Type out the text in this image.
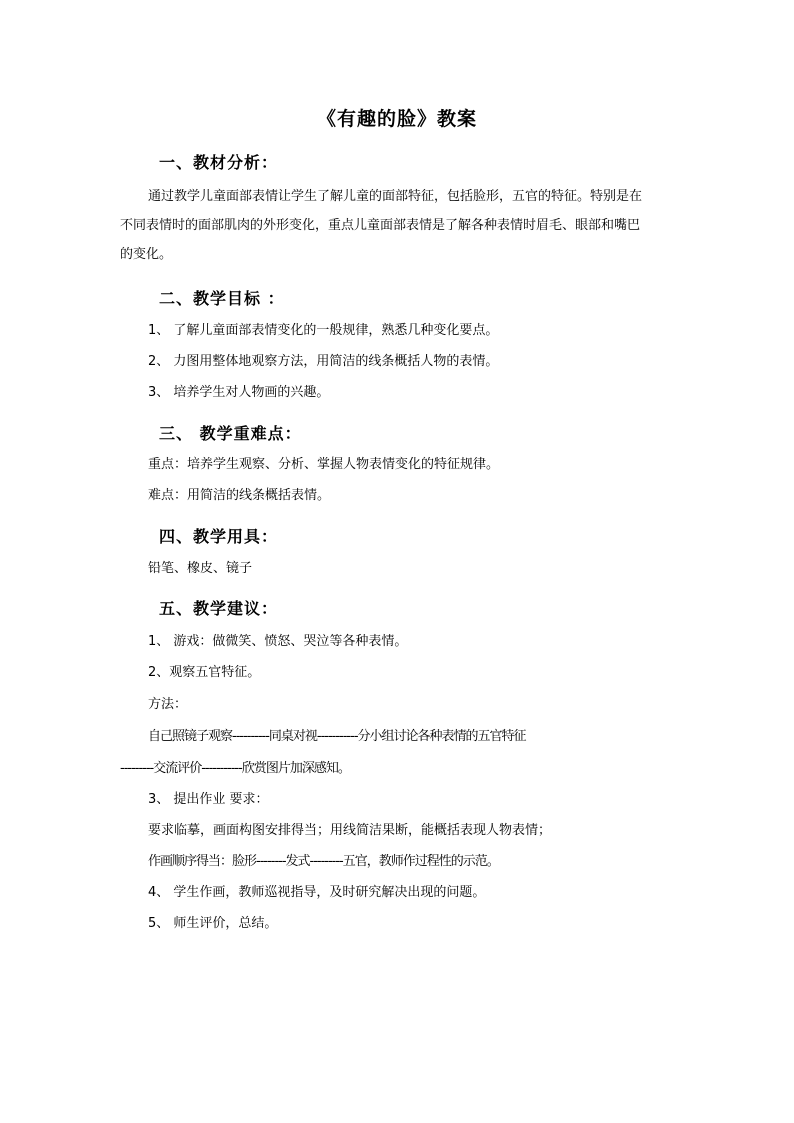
《有趣的脸》教案
一、教材分析：
通过教学儿童面部表情让学生了解儿童的面部特征，包括脸形，五官的特征。特别是在
不同表情时的面部肌肉的外形变化，重点儿童面部表情是了解各种表情时眉毛、眼部和嘴巴
的变化。
二、教学目标 ：
1、 了解儿童面部表情变化的一般规律，熟悉几种变化要点。
2、 力图用整体地观察方法，用简洁的线条概括人物的表情。
3、 培养学生对人物画的兴趣。
三、 教学重难点：
重点：培养学生观察、分析、掌握人物表情变化的特征规律。
难点：用简洁的线条概括表情。
四、教学用具：
铅笔、橡皮、镜子
五、教学建议：
1、 游戏：做微笑、愤怒、哭泣等各种表情。
2、观察五官特征。
方法：
自己照镜子观察----------同桌对视-----------分小组讨论各种表情的五官特征
---------交流评价-----------欣赏图片加深感知。
3、 提出作业 要求：
要求临摹，画面构图安排得当；用线简洁果断，能概括表现人物表情；
作画顺序得当：脸形--------发式---------五官，教师作过程性的示范。
4、 学生作画，教师巡视指导，及时研究解决出现的问题。
5、 师生评价，总结。
